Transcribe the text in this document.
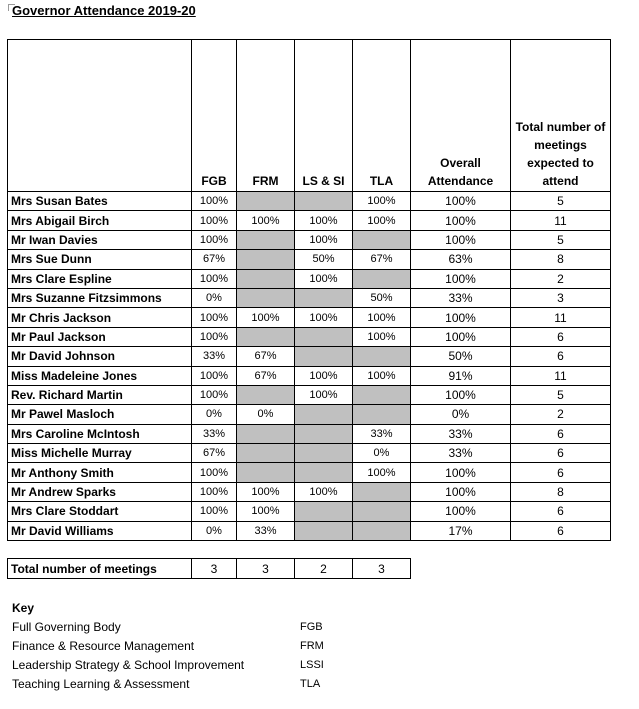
Governor Attendance 2019-20
	FGB	FRM	LS & SI	TLA	Overall Attendance	Total number of meetings expected to attend
Mrs Susan Bates	100%			100%	100%	5
Mrs Abigail Birch	100%	100%	100%	100%	100%	11
Mr Iwan Davies	100%		100%		100%	5
Mrs Sue Dunn	67%		50%	67%	63%	8
Mrs Clare Espline	100%		100%		100%	2
Mrs Suzanne Fitzsimmons	0%			50%	33%	3
Mr Chris Jackson	100%	100%	100%	100%	100%	11
Mr Paul Jackson	100%			100%	100%	6
Mr David Johnson	33%	67%			50%	6
Miss Madeleine Jones	100%	67%	100%	100%	91%	11
Rev. Richard Martin	100%		100%		100%	5
Mr Pawel Masloch	0%	0%			0%	2
Mrs Caroline McIntosh	33%			33%	33%	6
Miss Michelle Murray	67%			0%	33%	6
Mr Anthony Smith	100%			100%	100%	6
Mr Andrew Sparks	100%	100%	100%		100%	8
Mrs Clare Stoddart	100%	100%			100%	6
Mr David Williams	0%	33%			17%	6
Total number of meetings	3	3	2	3
Key
Full Governing Body	FGB
Finance & Resource Management	FRM
Leadership Strategy & School Improvement	LSSI
Teaching Learning & Assessment	TLA
